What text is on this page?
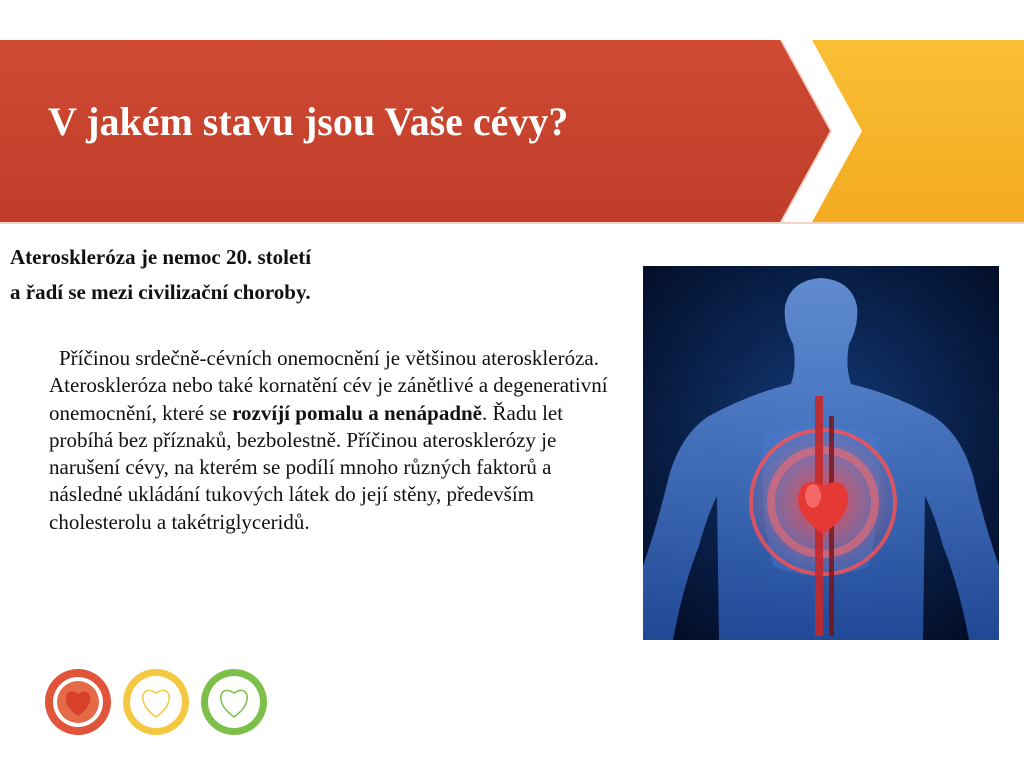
V jakém stavu jsou Vaše cévy?

Ateroskleróza je nemoc 20. století
a řadí se mezi civilizační choroby.

Příčinou srdečně-cévních onemocnění je většinou ateroskleróza. Ateroskleróza nebo také kornatění cév je zánětlivé a degenerativní onemocnění, které se rozvíjí pomalu a nenápadně. Řadu let probíhá bez příznaků, bezbolestně. Příčinou aterosklerózy je narušení cévy, na kterém se podílí mnoho různých faktorů a následné ukládání tukových látek do její stěny, především cholesterolu a takétriglyceridů.
